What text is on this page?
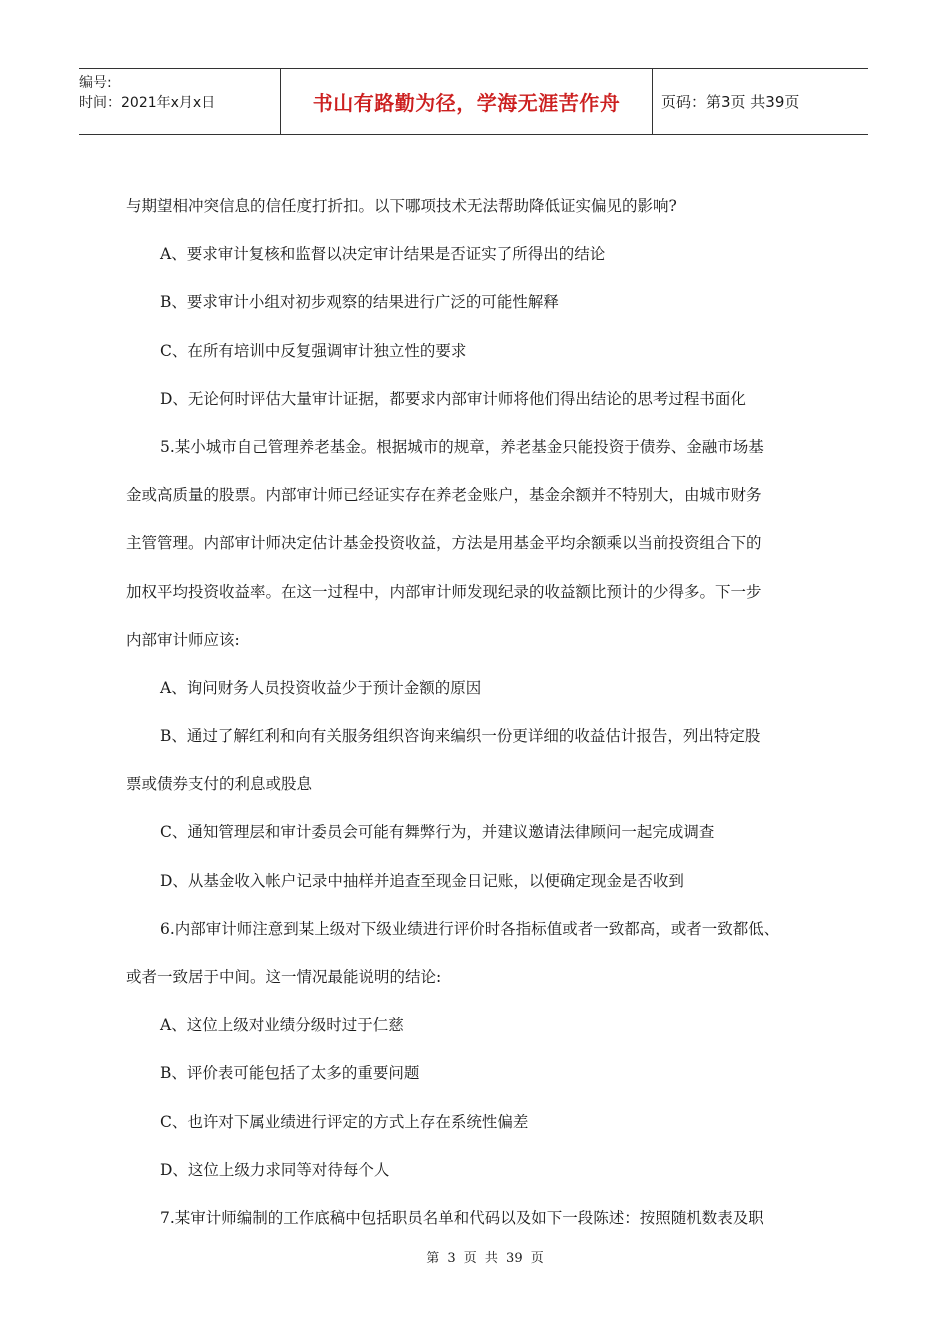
编号:
时间：2021年x月x日	书山有路勤为径，学海无涯苦作舟	页码：第3页 共39页
与期望相冲突信息的信任度打折扣。以下哪项技术无法帮助降低证实偏见的影响?
A、要求审计复核和监督以决定审计结果是否证实了所得出的结论
B、要求审计小组对初步观察的结果进行广泛的可能性解释
C、在所有培训中反复强调审计独立性的要求
D、无论何时评估大量审计证据，都要求内部审计师将他们得出结论的思考过程书面化
5.某小城市自己管理养老基金。根据城市的规章，养老基金只能投资于债券、金融市场基
金或高质量的股票。内部审计师已经证实存在养老金账户，基金余额并不特别大，由城市财务
主管管理。内部审计师决定估计基金投资收益，方法是用基金平均余额乘以当前投资组合下的
加权平均投资收益率。在这一过程中，内部审计师发现纪录的收益额比预计的少得多。下一步
内部审计师应该:
A、询问财务人员投资收益少于预计金额的原因
B、通过了解红利和向有关服务组织咨询来编织一份更详细的收益估计报告，列出特定股
票或债券支付的利息或股息
C、通知管理层和审计委员会可能有舞弊行为，并建议邀请法律顾问一起完成调查
D、从基金收入帐户记录中抽样并追查至现金日记账，以便确定现金是否收到
6.内部审计师注意到某上级对下级业绩进行评价时各指标值或者一致都高，或者一致都低、
或者一致居于中间。这一情况最能说明的结论:
A、这位上级对业绩分级时过于仁慈
B、评价表可能包括了太多的重要问题
C、也许对下属业绩进行评定的方式上存在系统性偏差
D、这位上级力求同等对待每个人
7.某审计师编制的工作底稿中包括职员名单和代码以及如下一段陈述：按照随机数表及职
第 3 页 共 39 页
